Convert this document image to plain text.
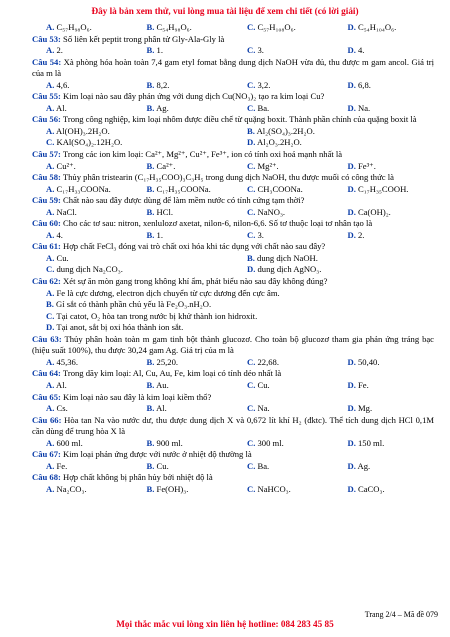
Đây là bản xem thử, vui lòng mua tài liệu để xem chi tiết (có lời giải)
A. C₅₇H₉₈O₆.	B. C₅₄H₉₈O₆.	C. C₅₇H₁₀₈O₆.	D. C₅₄H₁₀₄O₆.
Câu 53: Số liên kết peptit trong phân tử Gly-Ala-Gly là
A. 2.	B. 1.	C. 3.	D. 4.
Câu 54: Xà phòng hóa hoàn toàn 7,4 gam etyl fomat bằng dung dịch NaOH vừa đủ, thu được m gam ancol. Giá trị của m là
A. 4,6.	B. 8,2.	C. 3,2.	D. 6,8.
Câu 55: Kim loại nào sau đây phản ứng với dung dịch Cu(NO₃)₂ tạo ra kim loại Cu?
A. Al.	B. Ag.	C. Ba.	D. Na.
Câu 56: Trong công nghiệp, kim loại nhôm được điều chế từ quặng boxit. Thành phần chính của quặng boxit là
A. Al(OH)₃.2H₂O.	B. Al₂(SO₄)₃.2H₂O.
C. KAl(SO₄)₂.12H₂O.	D. Al₂O₃.2H₂O.
Câu 57: Trong các ion kim loại: Ca²⁺, Mg²⁺, Cu²⁺, Fe³⁺, ion có tính oxi hoá mạnh nhất là
A. Cu²⁺.	B. Ca²⁺.	C. Mg²⁺.	D. Fe³⁺.
Câu 58: Thủy phân tristearin (C₁₇H₃₅COO)₃C₃H₅ trong dung dịch NaOH, thu được muối có công thức là
A. C₁₇H₃₃COONa.	B. C₁₇H₃₅COONa.	C. CH₃COONa.	D. C₁₇H₃₅COOH.
Câu 59: Chất nào sau đây được dùng để làm mềm nước có tính cứng tạm thời?
A. NaCl.	B. HCl.	C. NaNO₃.	D. Ca(OH)₂.
Câu 60: Cho các tơ sau: nitron, xenlulozơ axetat, nilon-6, nilon-6,6. Số tơ thuộc loại tơ nhân tạo là
A. 4.	B. 1.	C. 3.	D. 2.
Câu 61: Hợp chất FeCl₃ đóng vai trò chất oxi hóa khi tác dụng với chất nào sau đây?
A. Cu.	B. dung dịch NaOH.
C. dung dịch Na₂CO₃.	D. dung dịch AgNO₃.
Câu 62: Xét sự ăn mòn gang trong không khí ẩm, phát biểu nào sau đây không đúng?
A. Fe là cực dương, electron dịch chuyển từ cực dương đến cực âm.
B. Gỉ sắt có thành phần chủ yếu là Fe₂O₃.nH₂O.
C. Tại catot, O₂ hòa tan trong nước bị khử thành ion hidroxit.
D. Tại anot, sắt bị oxi hóa thành ion sắt.
Câu 63: Thủy phân hoàn toàn m gam tinh bột thành glucozơ. Cho toàn bộ glucozơ tham gia phản ứng tráng bạc (hiệu suất 100%), thu được 30,24 gam Ag. Giá trị của m là
A. 45,36.	B. 25,20.	C. 22,68.	D. 50,40.
Câu 64: Trong dãy kim loại: Al, Cu, Au, Fe, kim loại có tính dẻo nhất là
A. Al.	B. Au.	C. Cu.	D. Fe.
Câu 65: Kim loại nào sau đây là kim loại kiềm thổ?
A. Cs.	B. Al.	C. Na.	D. Mg.
Câu 66: Hòa tan Na vào nước dư, thu được dung dịch X và 0,672 lít khí H₂ (đktc). Thể tích dung dịch HCl 0,1M cần dùng để trung hòa X là
A. 600 ml.	B. 900 ml.	C. 300 ml.	D. 150 ml.
Câu 67: Kim loại phản ứng được với nước ở nhiệt độ thường là
A. Fe.	B. Cu.	C. Ba.	D. Ag.
Câu 68: Hợp chất không bị phân hủy bởi nhiệt độ là
A. Na₂CO₃.	B. Fe(OH)₃.	C. NaHCO₃.	D. CaCO₃.
Trang 2/4 – Mã đề 079
Mọi thắc mắc vui lòng xin liên hệ hotline: 084 283 45 85
